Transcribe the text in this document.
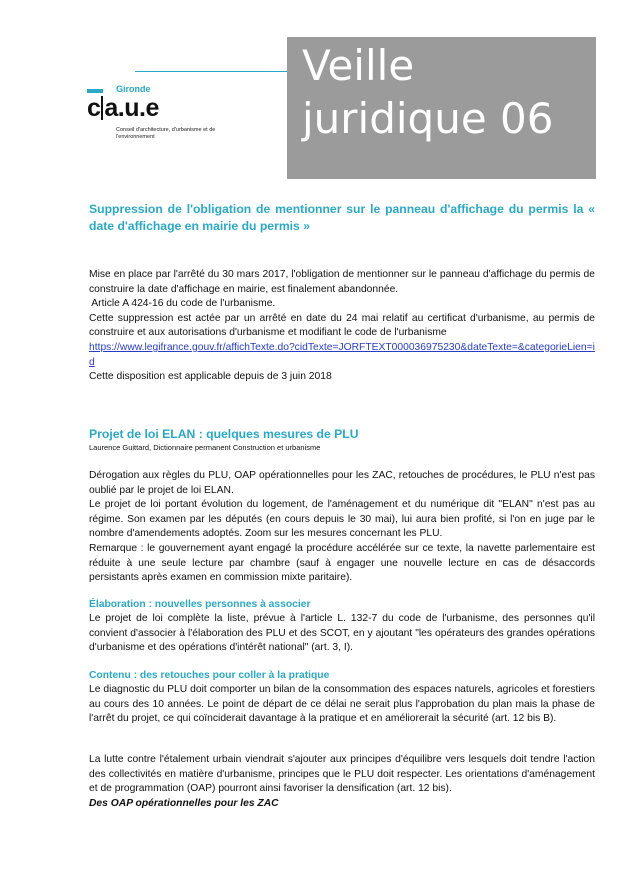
Gironde
c a.u.e
Conseil d'architecture, d'urbanisme et de l'environnement
Veille
juridique 06
Suppression de l'obligation de mentionner sur le panneau d'affichage du permis la « date d'affichage en mairie du permis »

Mise en place par l'arrêté du 30 mars 2017, l'obligation de mentionner sur le panneau d'affichage du permis de construire la date d'affichage en mairie, est finalement abandonnée.

Article A 424-16 du code de l'urbanisme.

Cette suppression est actée par un arrêté en date du 24 mai relatif au certificat d'urbanisme, au permis de construire et aux autorisations d'urbanisme et modifiant le code de l'urbanisme

https://www.legifrance.gouv.fr/affichTexte.do?cidTexte=JORFTEXT000036975230&dateTexte=&categorieLien=id

Cette disposition est applicable depuis de 3 juin 2018

Projet de loi ELAN : quelques mesures de PLU
Laurence Guittard, Dictionnaire permanent Construction et urbanisme

Dérogation aux règles du PLU, OAP opérationnelles pour les ZAC, retouches de procédures, le PLU n'est pas oublié par le projet de loi ELAN.

Le projet de loi portant évolution du logement, de l'aménagement et du numérique dit "ELAN" n'est pas au régime. Son examen par les députés (en cours depuis le 30 mai), lui aura bien profité, si l'on en juge par le nombre d'amendements adoptés. Zoom sur les mesures concernant les PLU.

Remarque : le gouvernement ayant engagé la procédure accélérée sur ce texte, la navette parlementaire est réduite à une seule lecture par chambre (sauf à engager une nouvelle lecture en cas de désaccords persistants après examen en commission mixte paritaire).

Élaboration : nouvelles personnes à associer

Le projet de loi complète la liste, prévue à l'article L. 132-7 du code de l'urbanisme, des personnes qu'il convient d'associer à l'élaboration des PLU et des SCOT, en y ajoutant "les opérateurs des grandes opérations d'urbanisme et des opérations d'intérêt national" (art. 3, I).

Contenu : des retouches pour coller à la pratique

Le diagnostic du PLU doit comporter un bilan de la consommation des espaces naturels, agricoles et forestiers au cours des 10 années. Le point de départ de ce délai ne serait plus l'approbation du plan mais la phase de l'arrêt du projet, ce qui coïnciderait davantage à la pratique et en améliorerait la sécurité (art. 12 bis B).

La lutte contre l'étalement urbain viendrait s'ajouter aux principes d'équilibre vers lesquels doit tendre l'action des collectivités en matière d'urbanisme, principes que le PLU doit respecter. Les orientations d'aménagement et de programmation (OAP) pourront ainsi favoriser la densification (art. 12 bis).

Des OAP opérationnelles pour les ZAC
